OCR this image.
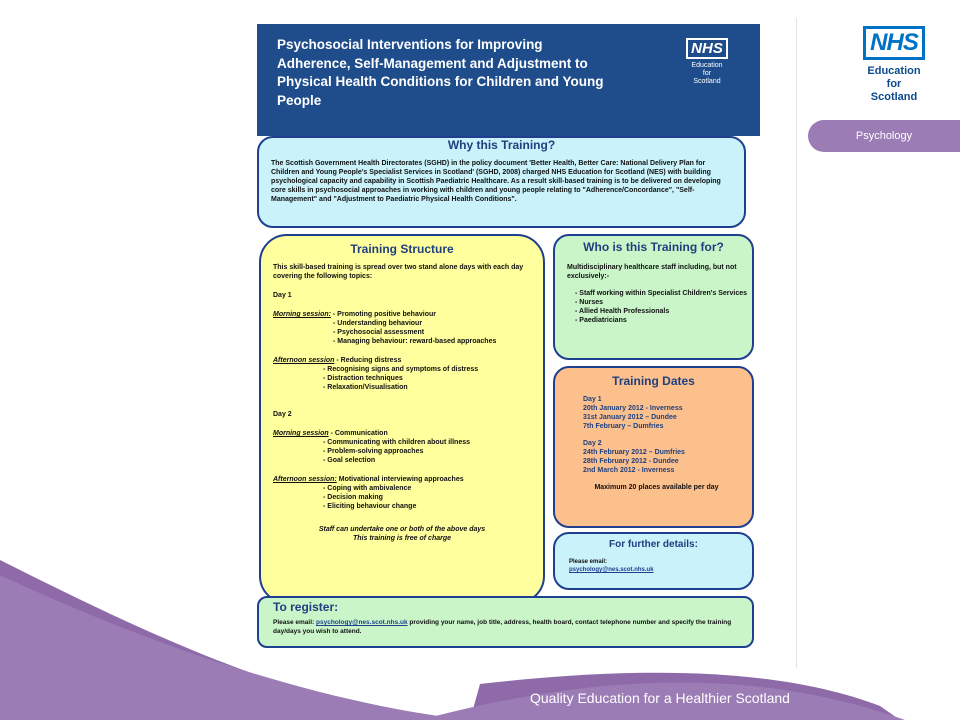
NHS
Education
for
Scotland
Psychology
Psychosocial Interventions for Improving Adherence, Self-Management and Adjustment to Physical Health Conditions for Children and Young People
NHS
Education
for
Scotland
Why this Training?

The Scottish Government Health Directorates (SGHD) in the policy document 'Better Health, Better Care: National Delivery Plan for Children and Young People's Specialist Services in Scotland' (SGHD, 2008) charged NHS Education for Scotland (NES) with building psychological capacity and capability in Scottish Paediatric Healthcare. As a result skill-based training is to be delivered on developing core skills in psychosocial approaches in working with children and young people relating to "Adherence/Concordance", "Self-Management" and "Adjustment to Paediatric Physical Health Conditions".

Training Structure

This skill-based training is spread over two stand alone days with each day covering the following topics:

Day 1

Morning session: - Promoting positive behaviour

- Understanding behaviour
- Psychosocial assessment
- Managing behaviour: reward-based approaches

Afternoon session - Reducing distress

- Recognising signs and symptoms of distress
- Distraction techniques
- Relaxation/Visualisation

Day 2

Morning session - Communication

- Communicating with children about illness
- Problem-solving approaches
- Goal selection

Afternoon session: Motivational interviewing approaches

- Coping with ambivalence
- Decision making
- Eliciting behaviour change

Staff can undertake one or both of the above days

This training is free of charge

Who is this Training for?

Multidisciplinary healthcare staff including, but not exclusively:-

- Staff working within Specialist Children's Services
- Nurses
- Allied Health Professionals
- Paediatricians
Training Dates
Day 1
20th January 2012 - Inverness
31st January 2012 – Dundee
7th February – Dumfries
Day 2
24th February 2012 – Dumfries
28th February 2012 - Dundee
2nd March 2012 - Inverness
Maximum 20 places available per day
For further details:

Please email:
psychology@nes.scot.nhs.uk

To register:

Please email: psychology@nes.scot.nhs.uk providing your name, job title, address, health board, contact telephone number and specify the training day/days you wish to attend.

Quality Education for a Healthier Scotland
